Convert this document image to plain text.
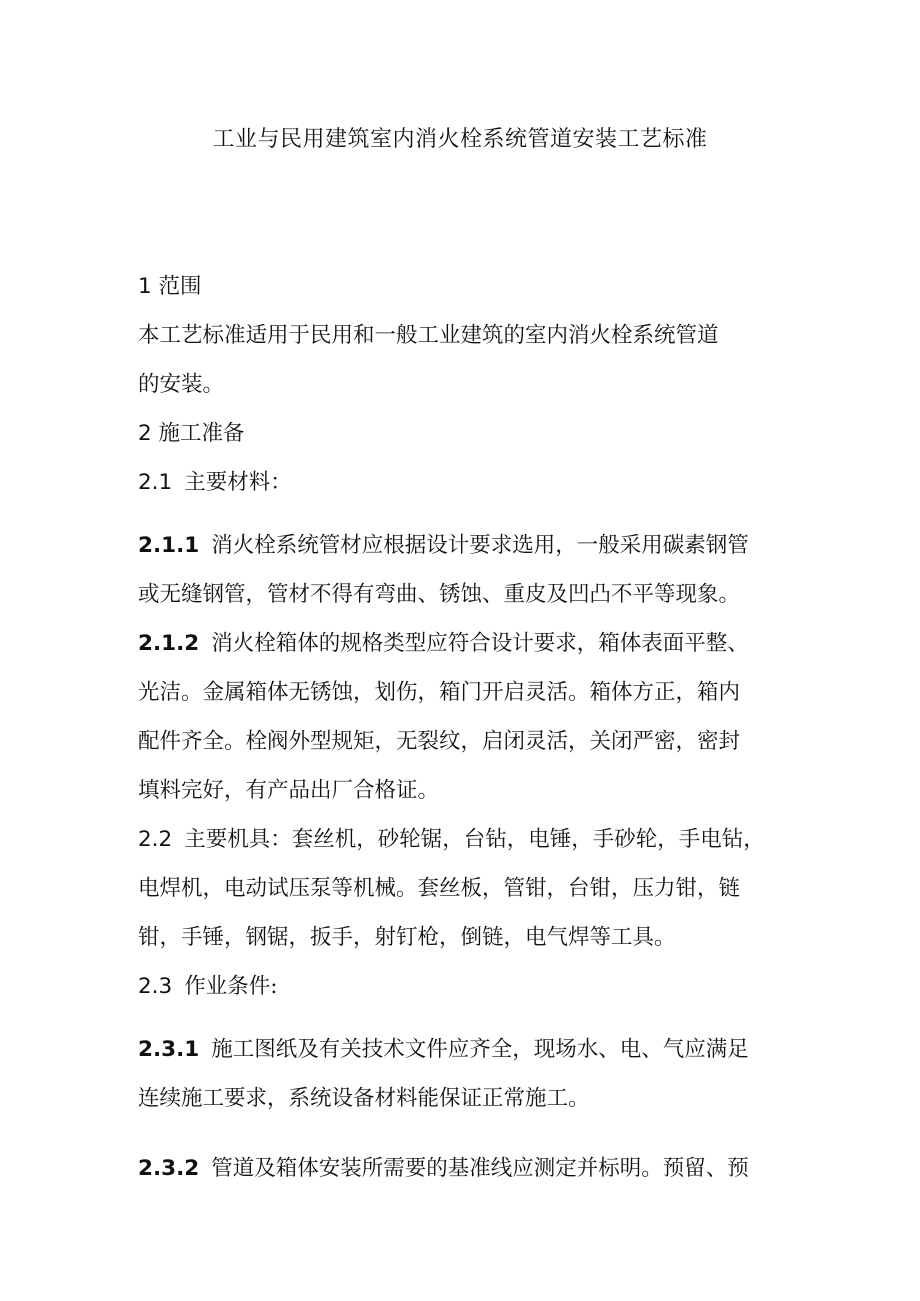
工业与民用建筑室内消火栓系统管道安装工艺标准
1 范围
本工艺标准适用于民用和一般工业建筑的室内消火栓系统管道
的安装。
2 施工准备
2.1 主要材料：
2.1.1 消火栓系统管材应根据设计要求选用，一般采用碳素钢管
或无缝钢管，管材不得有弯曲、锈蚀、重皮及凹凸不平等现象。
2.1.2 消火栓箱体的规格类型应符合设计要求，箱体表面平整、
光洁。金属箱体无锈蚀，划伤，箱门开启灵活。箱体方正，箱内
配件齐全。栓阀外型规矩，无裂纹，启闭灵活，关闭严密，密封
填料完好，有产品出厂合格证。
2.2 主要机具：套丝机，砂轮锯，台钻，电锤，手砂轮，手电钻，
电焊机，电动试压泵等机械。套丝板，管钳，台钳，压力钳，链
钳，手锤，钢锯，扳手，射钉枪，倒链，电气焊等工具。
2.3 作业条件:
2.3.1 施工图纸及有关技术文件应齐全，现场水、电、气应满足
连续施工要求，系统设备材料能保证正常施工。
2.3.2 管道及箱体安装所需要的基准线应测定并标明。预留、预
